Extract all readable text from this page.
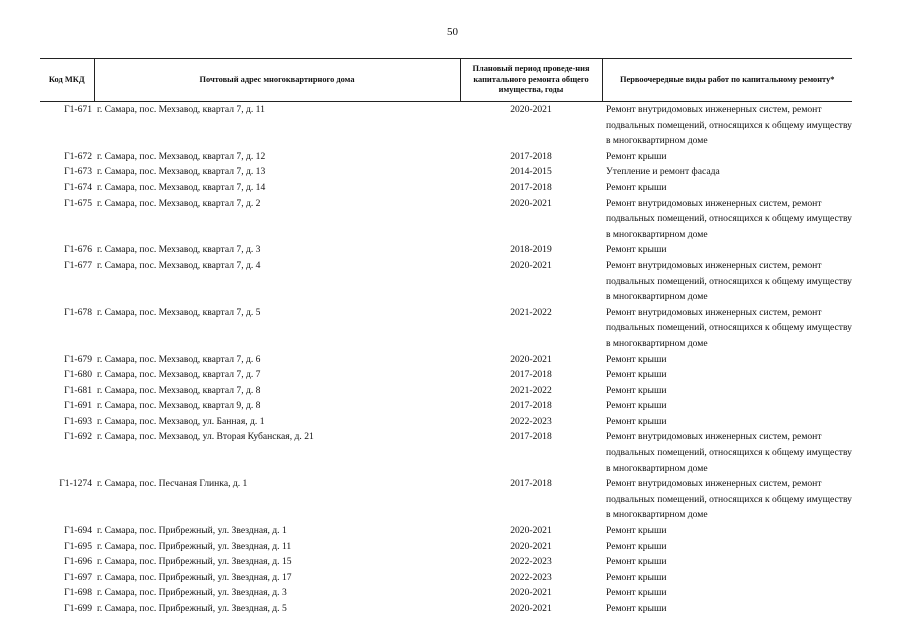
50
Код МКД	Почтовый адрес многоквартирного дома	Плановый период проведе-ния капитального ремонта общего имущества, годы	Первоочередные виды работ по капитальному ремонту*
Г1-671	г. Самара, пос. Мехзавод, квартал 7, д. 11	2020-2021	Ремонт внутридомовых инженерных систем, ремонт подвальных помещений, относящихся к общему имуществу в многоквартирном доме
Г1-672	г. Самара, пос. Мехзавод, квартал 7, д. 12	2017-2018	Ремонт крыши
Г1-673	г. Самара, пос. Мехзавод, квартал 7, д. 13	2014-2015	Утепление и ремонт фасада
Г1-674	г. Самара, пос. Мехзавод, квартал 7, д. 14	2017-2018	Ремонт крыши
Г1-675	г. Самара, пос. Мехзавод, квартал 7, д. 2	2020-2021	Ремонт внутридомовых инженерных систем, ремонт подвальных помещений, относящихся к общему имуществу в многоквартирном доме
Г1-676	г. Самара, пос. Мехзавод, квартал 7, д. 3	2018-2019	Ремонт крыши
Г1-677	г. Самара, пос. Мехзавод, квартал 7, д. 4	2020-2021	Ремонт внутридомовых инженерных систем, ремонт подвальных помещений, относящихся к общему имуществу в многоквартирном доме
Г1-678	г. Самара, пос. Мехзавод, квартал 7, д. 5	2021-2022	Ремонт внутридомовых инженерных систем, ремонт подвальных помещений, относящихся к общему имуществу в многоквартирном доме
Г1-679	г. Самара, пос. Мехзавод, квартал 7, д. 6	2020-2021	Ремонт крыши
Г1-680	г. Самара, пос. Мехзавод, квартал 7, д. 7	2017-2018	Ремонт крыши
Г1-681	г. Самара, пос. Мехзавод, квартал 7, д. 8	2021-2022	Ремонт крыши
Г1-691	г. Самара, пос. Мехзавод, квартал 9, д. 8	2017-2018	Ремонт крыши
Г1-693	г. Самара, пос. Мехзавод, ул. Банная, д. 1	2022-2023	Ремонт крыши
Г1-692	г. Самара, пос. Мехзавод, ул. Вторая Кубанская, д. 21	2017-2018	Ремонт внутридомовых инженерных систем, ремонт подвальных помещений, относящихся к общему имуществу в многоквартирном доме
Г1-1274	г. Самара, пос. Песчаная Глинка, д. 1	2017-2018	Ремонт внутридомовых инженерных систем, ремонт подвальных помещений, относящихся к общему имуществу в многоквартирном доме
Г1-694	г. Самара, пос. Прибрежный, ул. Звездная, д. 1	2020-2021	Ремонт крыши
Г1-695	г. Самара, пос. Прибрежный, ул. Звездная, д. 11	2020-2021	Ремонт крыши
Г1-696	г. Самара, пос. Прибрежный, ул. Звездная, д. 15	2022-2023	Ремонт крыши
Г1-697	г. Самара, пос. Прибрежный, ул. Звездная, д. 17	2022-2023	Ремонт крыши
Г1-698	г. Самара, пос. Прибрежный, ул. Звездная, д. 3	2020-2021	Ремонт крыши
Г1-699	г. Самара, пос. Прибрежный, ул. Звездная, д. 5	2020-2021	Ремонт крыши
